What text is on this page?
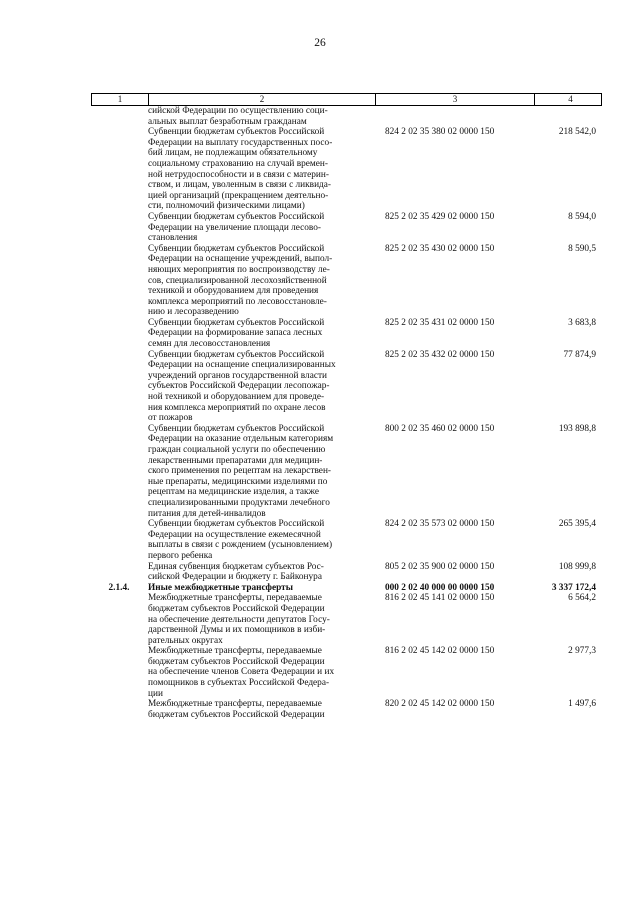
26
1	2	3	4
сийской Федерации по осуществлению соци-
альных выплат безработным гражданам
Субвенции бюджетам субъектов Российской
Федерации на выплату государственных посо-
бий лицам, не подлежащим обязательному
социальному страхованию на случай времен-
ной нетрудоспособности и в связи с материн-
ством, и лицам, уволенным в связи с ликвида-
цией организаций (прекращением деятельно-
сти, полномочий физическими лицами)
824 2 02 35 380 02 0000 150	218 542,0
Субвенции бюджетам субъектов Российской
Федерации на увеличение площади лесово-
становления
825 2 02 35 429 02 0000 150	8 594,0
Субвенции бюджетам субъектов Российской
Федерации на оснащение учреждений, выпол-
няющих мероприятия по воспроизводству ле-
сов, специализированной лесохозяйственной
техникой и оборудованием для проведения
комплекса мероприятий по лесовосстановле-
нию и лесоразведению
825 2 02 35 430 02 0000 150	8 590,5
Субвенции бюджетам субъектов Российской
Федерации на формирование запаса лесных
семян для лесовосстановления
825 2 02 35 431 02 0000 150	3 683,8
Субвенции бюджетам субъектов Российской
Федерации на оснащение специализированных
учреждений органов государственной власти
субъектов Российской Федерации лесопожар-
ной техникой и оборудованием для проведе-
ния комплекса мероприятий по охране лесов
от пожаров
825 2 02 35 432 02 0000 150	77 874,9
Субвенции бюджетам субъектов Российской
Федерации на оказание отдельным категориям
граждан социальной услуги по обеспечению
лекарственными препаратами для медицин-
ского применения по рецептам на лекарствен-
ные препараты, медицинскими изделиями по
рецептам на медицинские изделия, а также
специализированными продуктами лечебного
питания для детей-инвалидов
800 2 02 35 460 02 0000 150	193 898,8
Субвенции бюджетам субъектов Российской
Федерации на осуществление ежемесячной
выплаты в связи с рождением (усыновлением)
первого ребенка
824 2 02 35 573 02 0000 150	265 395,4
Единая субвенция бюджетам субъектов Рос-
сийской Федерации и бюджету г. Байконура
805 2 02 35 900 02 0000 150	108 999,8
2.1.4.	Иные межбюджетные трансферты	000 2 02 40 000 00 0000 150	3 337 172,4
Межбюджетные трансферты, передаваемые
бюджетам субъектов Российской Федерации
на обеспечение деятельности депутатов Госу-
дарственной Думы и их помощников в изби-
рательных округах
816 2 02 45 141 02 0000 150	6 564,2
Межбюджетные трансферты, передаваемые
бюджетам субъектов Российской Федерации
на обеспечение членов Совета Федерации и их
помощников в субъектах Российской Федера-
ции
816 2 02 45 142 02 0000 150	2 977,3
Межбюджетные трансферты, передаваемые
бюджетам субъектов Российской Федерации
820 2 02 45 142 02 0000 150	1 497,6
